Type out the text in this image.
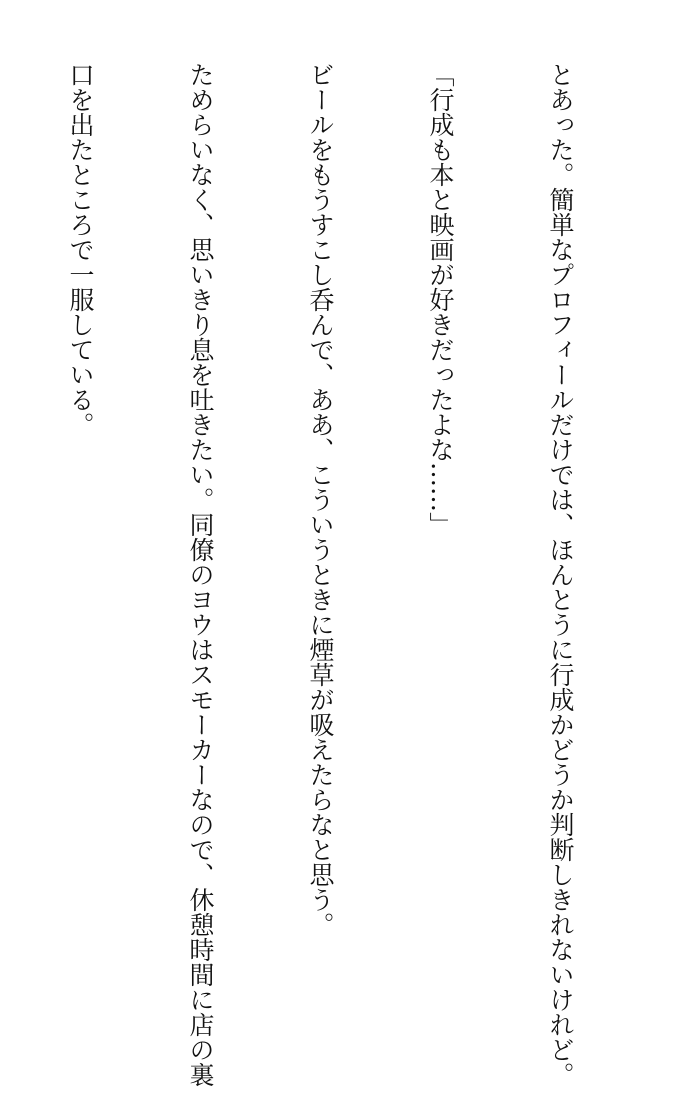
とあった。簡単なプロフィールだけでは、ほんとうに行成かどうか判断しきれないけれど。

「行成も本と映画が好きだったよな……」

ビールをもうすこし呑んで、ああ、こういうときに煙草が吸えたらなと思う。

ためらいなく、思いきり息を吐きたい。同僚のヨウはスモーカーなので、休憩時間に店の裏

口を出たところで一服している。
